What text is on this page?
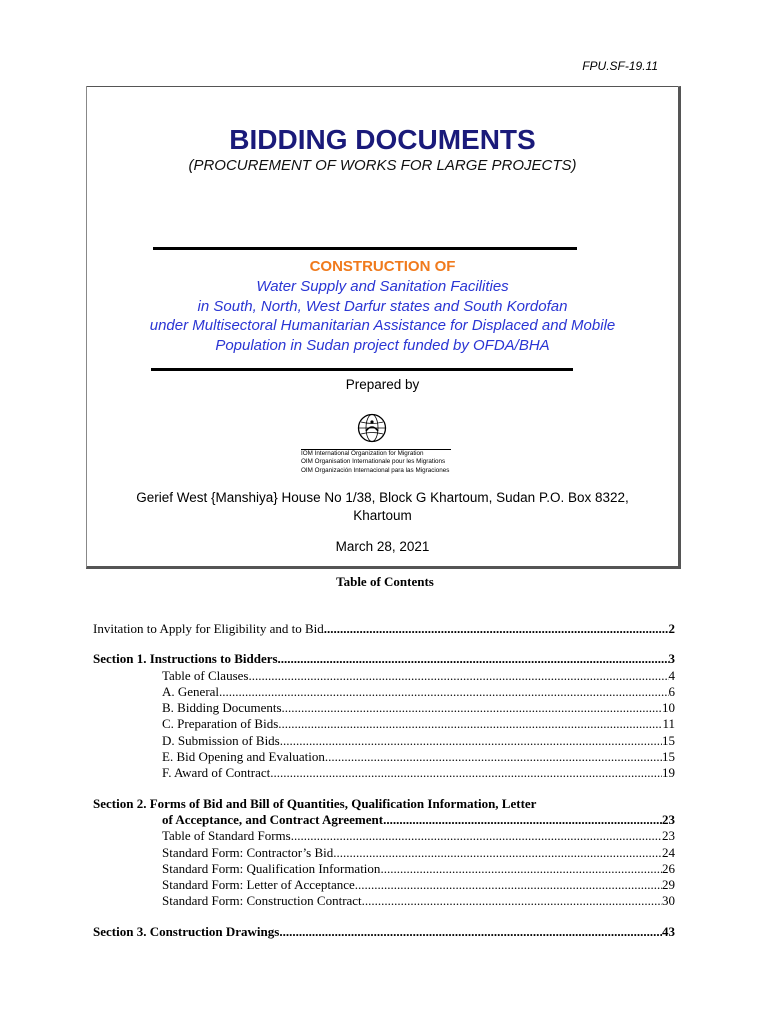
FPU.SF-19.11
BIDDING DOCUMENTS
(PROCUREMENT OF WORKS FOR LARGE PROJECTS)
CONSTRUCTION OF
Water Supply and Sanitation Facilities
in South, North, West Darfur states and South Kordofan
under Multisectoral Humanitarian Assistance for Displaced and Mobile
Population in Sudan project funded by OFDA/BHA
Prepared by
IOM International Organization for Migration
OIM Organisation Internationale pour les Migrations
OIM Organización Internacional para las Migraciones
Gerief West {Manshiya} House No 1/38, Block G Khartoum, Sudan P.O. Box 8322,
Khartoum
March 28, 2021
Table of Contents
Invitation to Apply for Eligibility and to Bid .....	2
Section 1. Instructions to Bidders .....	3
Table of Clauses .....	4
A. General .....	6
B. Bidding Documents .....	10
C. Preparation of Bids .....	11
D. Submission of Bids .....	15
E. Bid Opening and Evaluation .....	15
F. Award of Contract .....	19
Section 2. Forms of Bid and Bill of Quantities, Qualification Information, Letter
of Acceptance, and Contract Agreement .....	23
Table of Standard Forms .....	23
Standard Form: Contractor’s Bid .....	24
Standard Form: Qualification Information .....	26
Standard Form: Letter of Acceptance .....	29
Standard Form: Construction Contract .....	30
Section 3. Construction Drawings .....	43
